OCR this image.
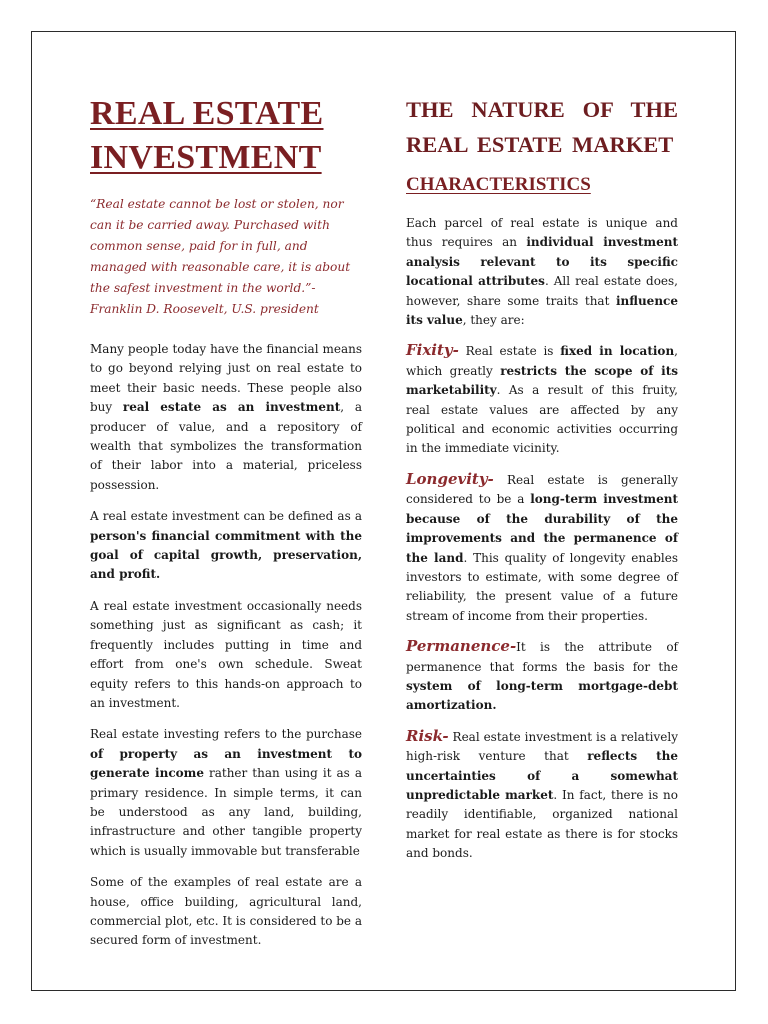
REAL ESTATE
INVESTMENT

“Real estate cannot be lost or stolen, nor can it be carried away. Purchased with common sense, paid for in full, and managed with reasonable care, it is about the safest investment in the world.”- Franklin D. Roosevelt, U.S. president

Many people today have the financial means to go beyond relying just on real estate to meet their basic needs. These people also buy real estate as an investment, a producer of value, and a repository of wealth that symbolizes the transformation of their labor into a material, priceless possession.

A real estate investment can be defined as a person's financial commitment with the goal of capital growth, preservation, and profit.

A real estate investment occasionally needs something just as significant as cash; it frequently includes putting in time and effort from one's own schedule. Sweat equity refers to this hands-on approach to an investment.

Real estate investing refers to the purchase of property as an investment to generate income rather than using it as a primary residence. In simple terms, it can be understood as any land, building, infrastructure and other tangible property which is usually immovable but transferable

Some of the examples of real estate are a house, office building, agricultural land, commercial plot, etc. It is considered to be a secured form of investment.

THE NATURE OF THE REAL ESTATE MARKET
CHARACTERISTICS

Each parcel of real estate is unique and thus requires an individual investment analysis relevant to its specific locational attributes. All real estate does, however, share some traits that influence its value, they are:

Fixity- Real estate is fixed in location, which greatly restricts the scope of its marketability. As a result of this fruity, real estate values are affected by any political and economic activities occurring in the immediate vicinity.

Longevity- Real estate is generally considered to be a long-term investment because of the durability of the improvements and the permanence of the land. This quality of longevity enables investors to estimate, with some degree of reliability, the present value of a future stream of income from their properties.

Permanence-It is the attribute of permanence that forms the basis for the system of long-term mortgage-debt amortization.

Risk- Real estate investment is a relatively high-risk venture that reflects the uncertainties of a somewhat unpredictable market. In fact, there is no readily identifiable, organized national market for real estate as there is for stocks and bonds.
